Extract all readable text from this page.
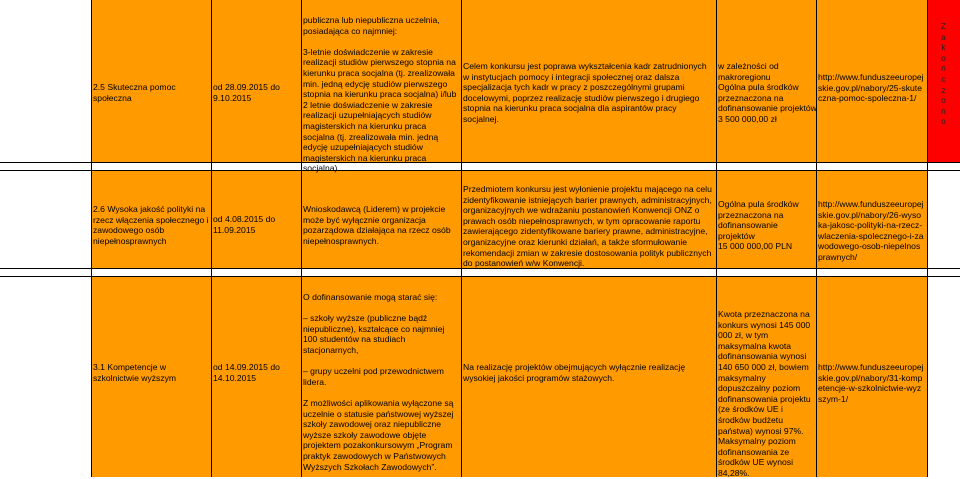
2.5 Skuteczna pomoc społeczna
od 28.09.2015 do 9.10.2015
publiczna lub niepubliczna uczelnia, posiadająca co najmniej:

3-letnie doświadczenie w zakresie realizacji studiów pierwszego stopnia na kierunku praca socjalna (tj. zrealizowała min. jedną edycję studiów pierwszego stopnia na kierunku praca socjalna) i/lub
2 letnie doświadczenie w zakresie realizacji uzupełniających studiów magisterskich na kierunku praca socjalna (tj. zrealizowała min. jedną edycję uzupełniających studiów magisterskich na kierunku praca socjalna).
Celem konkursu jest poprawa wykształcenia kadr zatrudnionych w instytucjach pomocy i integracji społecznej oraz dalsza specjalizacja tych kadr w pracy z poszczególnymi grupami docelowymi, poprzez realizację studiów pierwszego i drugiego stopnia na kierunku praca socjalna dla aspirantów pracy socjalnej.
w zależności od makroregionu
Ogólna pula środków przeznaczona na dofinansowanie projektów
3 500 000,00 zł
http://www.funduszeeuropejskie.gov.pl/nabory/25-skuteczna-pomoc-spoleczna-1/
Z
a
k
o
ń
c
z
o
n
o
2.6 Wysoka jakość polityki na rzecz włączenia społecznego i zawodowego osób niepełnosprawnych
od 4.08.2015 do 11.09.2015
Wnioskodawcą (Liderem) w projekcie może być wyłącznie organizacja pozarządowa działająca na rzecz osób niepełnosprawnych.
Przedmiotem konkursu jest wyłonienie projektu mającego na celu zidentyfikowanie istniejących barier prawnych, administracyjnych, organizacyjnych we wdrażaniu postanowień Konwencji ONZ o prawach osób niepełnosprawnych, w tym opracowanie raportu zawierającego zidentyfikowane bariery prawne, administracyjne, organizacyjne oraz kierunki działań, a także sformułowanie rekomendacji zmian w zakresie dostosowania polityk publicznych do postanowień w/w Konwencji.
Ogólna pula środków przeznaczona na dofinansowanie projektów
15 000 000,00 PLN
http://www.funduszeeuropejskie.gov.pl/nabory/26-wysoka-jakosc-polityki-na-rzecz-wlaczenia-spolecznego-i-zawodowego-osob-niepelnosprawnych/
3.1 Kompetencje w szkolnictwie wyższym
od 14.09.2015 do 14.10.2015
O dofinansowanie mogą starać się:

– szkoły wyższe (publiczne bądź niepubliczne), kształcące co najmniej 100 studentów na studiach stacjonarnych,

– grupy uczelni pod przewodnictwem lidera.

Z możliwości aplikowania wyłączone są uczelnie o statusie państwowej wyższej szkoły zawodowej oraz niepubliczne wyższe szkoły zawodowe objęte projektem pozakonkursowym „Program praktyk zawodowych w Państwowych Wyższych Szkołach Zawodowych”.
Na realizację projektów obejmujących wyłącznie realizację wysokiej jakości programów stażowych.
Kwota przeznaczona na konkurs wynosi 145 000 000 zł, w tym maksymalna kwota dofinansowania wynosi 140 650 000 zł, bowiem maksymalny dopuszczalny poziom dofinansowania projektu (ze środków UE i środków budżetu państwa) wynosi 97%. Maksymalny poziom dofinansowania ze środków UE wynosi 84,28%.
http://www.funduszeeuropejskie.gov.pl/nabory/31-kompetencje-w-szkolnictwie-wyzszym-1/
